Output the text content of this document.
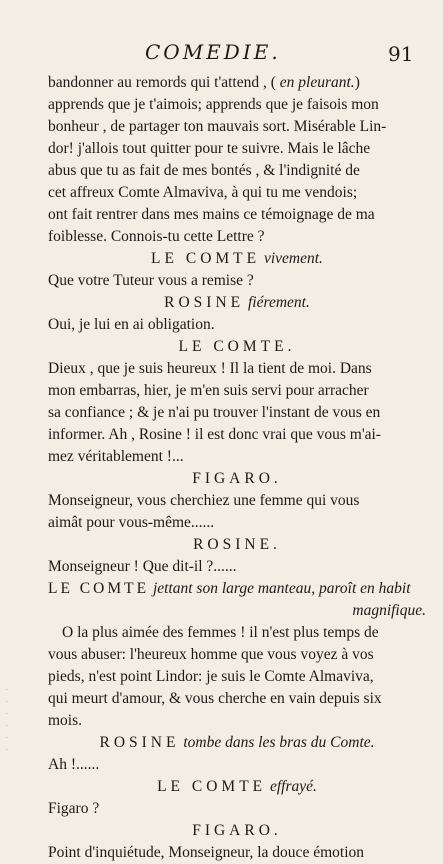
COMEDIE.	91

bandonner au remords qui t'attend , ( en pleurant.)

apprends que je t'aimois; apprends que je faisois mon

bonheur , de partager ton mauvais sort. Misérable Lin-

dor! j'allois tout quitter pour te suivre. Mais le lâche

abus que tu as fait de mes bontés , & l'indignité de

cet affreux Comte Almaviva, à qui tu me vendois;

ont fait rentrer dans mes mains ce témoignage de ma

foiblesse. Connois-tu cette Lettre ?

LE COMTE vivement.

Que votre Tuteur vous a remise ?

ROSINE fiérement.

Oui, je lui en ai obligation.

LE COMTE.

Dieux , que je suis heureux ! Il la tient de moi. Dans

mon embarras, hier, je m'en suis servi pour arracher

sa confiance ; & je n'ai pu trouver l'instant de vous en

informer. Ah , Rosine ! il est donc vrai que vous m'ai-

mez véritablement !...

FIGARO.

Monseigneur, vous cherchiez une femme qui vous

aimât pour vous-même......

ROSINE.

Monseigneur ! Que dit-il ?......

LE COMTE jettant son large manteau, paroît en habit

magnifique.

O la plus aimée des femmes ! il n'est plus temps de

vous abuser: l'heureux homme que vous voyez à vos

pieds, n'est point Lindor: je suis le Comte Almaviva,

qui meurt d'amour, & vous cherche en vain depuis six

mois.

ROSINE tombe dans les bras du Comte.

Ah !......

LE COMTE effrayé.

Figaro ?

FIGARO.

Point d'inquiétude, Monseigneur, la douce émotion

·
·
·
·
·
·
